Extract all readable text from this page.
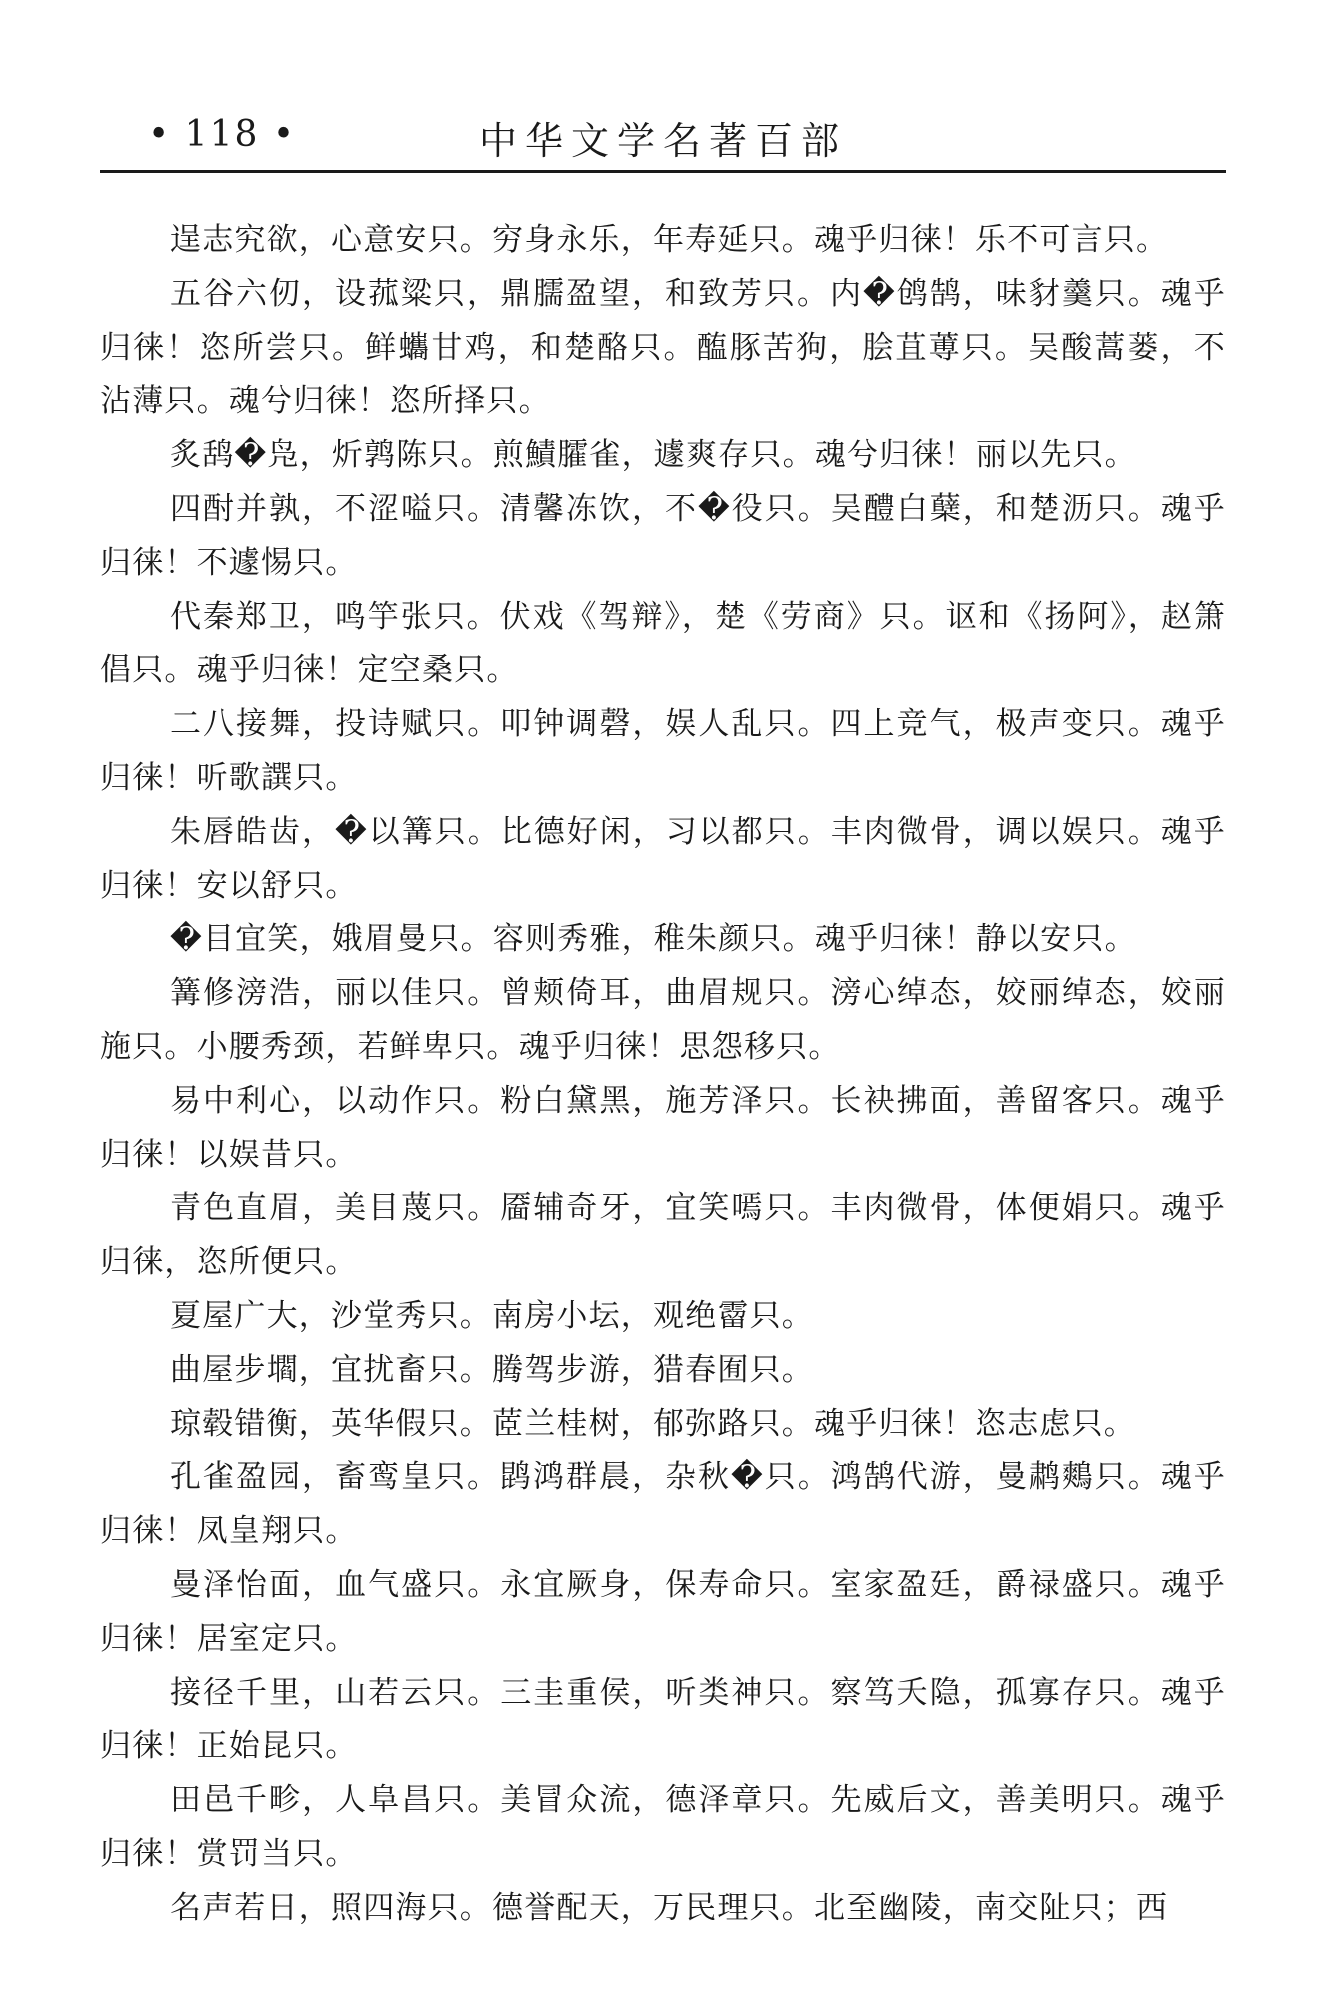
• 118 •	中华文学名著百部

逞志究欲，心意安只。穷身永乐，年寿延只。魂乎归徕！乐不可言只。

五谷六仞，设菰粱只，鼎臑盈望，和致芳只。内�鸧鹄，味豺羹只。魂乎归徕！恣所尝只。鲜蠵甘鸡，和楚酪只。醢豚苦狗，脍苴蒪只。吴酸蒿蒌，不沾薄只。魂兮归徕！恣所择只。

炙鸹�凫，炘鹑陈只。煎鰿臛雀，遽爽存只。魂兮归徕！丽以先只。

四酎并孰，不涩嗌只。清馨冻饮，不�役只。吴醴白蘖，和楚沥只。魂乎归徕！不遽惕只。

代秦郑卫，鸣竽张只。伏戏《驾辩》，楚《劳商》只。讴和《扬阿》，赵箫倡只。魂乎归徕！定空桑只。

二八接舞，投诗赋只。叩钟调磬，娱人乱只。四上竞气，极声变只。魂乎归徕！听歌譔只。

朱唇皓齿，�以篝只。比德好闲，习以都只。丰肉微骨，调以娱只。魂乎归徕！安以舒只。

�目宜笑，娥眉曼只。容则秀雅，稚朱颜只。魂乎归徕！静以安只。

篝修滂浩，丽以佳只。曾颊倚耳，曲眉规只。滂心绰态，姣丽绰态，姣丽施只。小腰秀颈，若鲜卑只。魂乎归徕！思怨移只。

易中利心，以动作只。粉白黛黑，施芳泽只。长袂拂面，善留客只。魂乎归徕！以娱昔只。

青色直眉，美目蔑只。靥辅奇牙，宜笑嘕只。丰肉微骨，体便娟只。魂乎归徕，恣所便只。

夏屋广大，沙堂秀只。南房小坛，观绝霤只。

曲屋步壛，宜扰畜只。腾驾步游，猎春囿只。

琼毂错衡，英华假只。茝兰桂树，郁弥路只。魂乎归徕！恣志虑只。

孔雀盈园，畜鸾皇只。鹍鸿群晨，杂秋�只。鸿鹄代游，曼鹔鷞只。魂乎归徕！凤皇翔只。

曼泽怡面，血气盛只。永宜厥身，保寿命只。室家盈廷，爵禄盛只。魂乎归徕！居室定只。

接径千里，山若云只。三圭重侯，听类神只。察笃夭隐，孤寡存只。魂乎归徕！正始昆只。

田邑千畛，人阜昌只。美冒众流，德泽章只。先威后文，善美明只。魂乎归徕！赏罚当只。

名声若日，照四海只。德誉配天，万民理只。北至幽陵，南交阯只；西
